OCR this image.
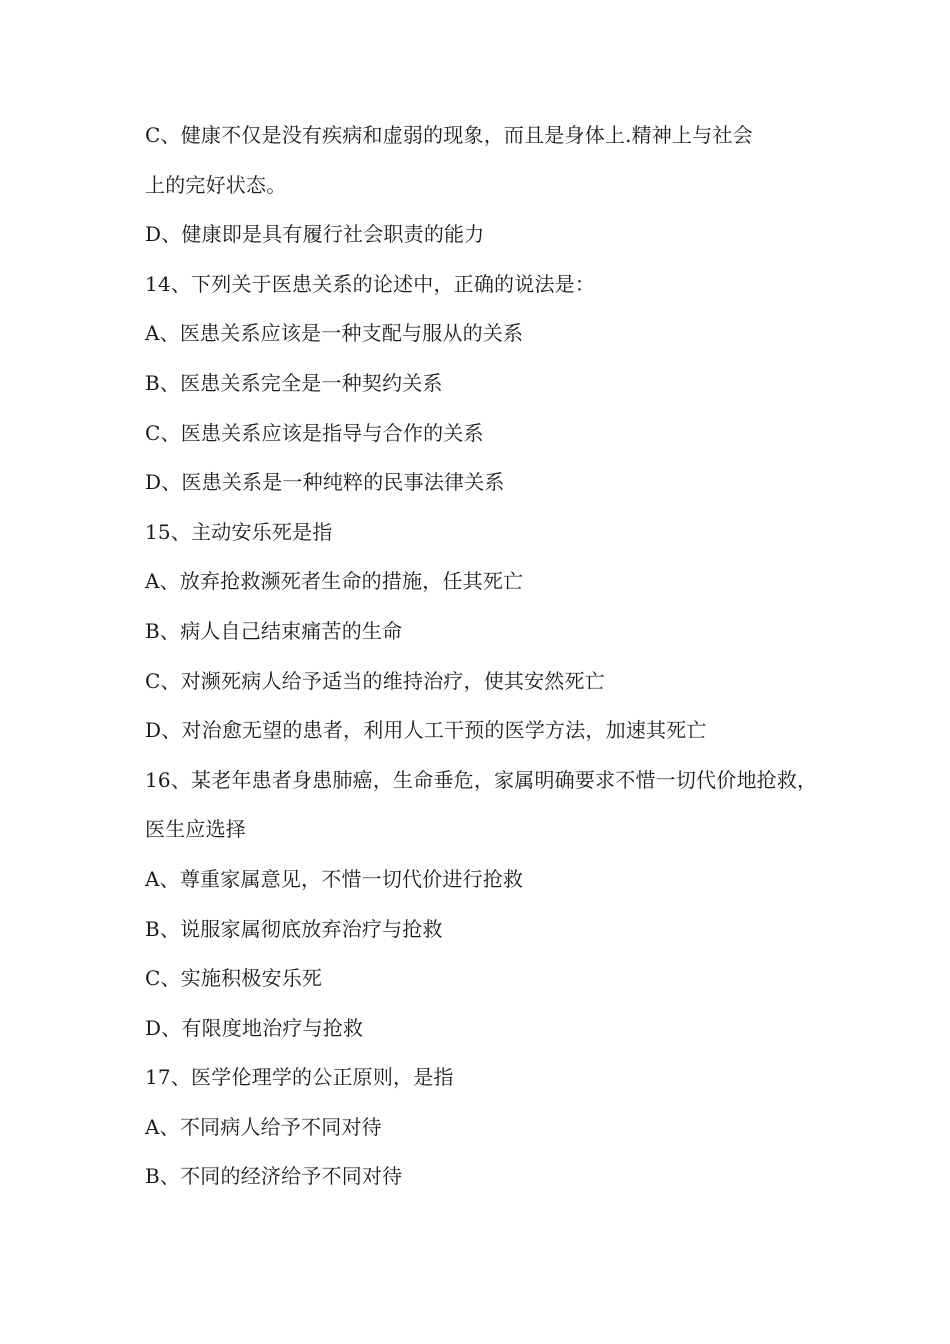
C、健康不仅是没有疾病和虚弱的现象，而且是身体上.精神上与社会
上的完好状态。
D、健康即是具有履行社会职责的能力
14、下列关于医患关系的论述中，正确的说法是：
A、医患关系应该是一种支配与服从的关系
B、医患关系完全是一种契约关系
C、医患关系应该是指导与合作的关系
D、医患关系是一种纯粹的民事法律关系
15、主动安乐死是指
A、放弃抢救濒死者生命的措施，任其死亡
B、病人自己结束痛苦的生命
C、对濒死病人给予适当的维持治疗，使其安然死亡
D、对治愈无望的患者，利用人工干预的医学方法，加速其死亡
16、某老年患者身患肺癌，生命垂危，家属明确要求不惜一切代价地抢救，
医生应选择
A、尊重家属意见，不惜一切代价进行抢救
B、说服家属彻底放弃治疗与抢救
C、实施积极安乐死
D、有限度地治疗与抢救
17、医学伦理学的公正原则，是指
A、不同病人给予不同对待
B、不同的经济给予不同对待
